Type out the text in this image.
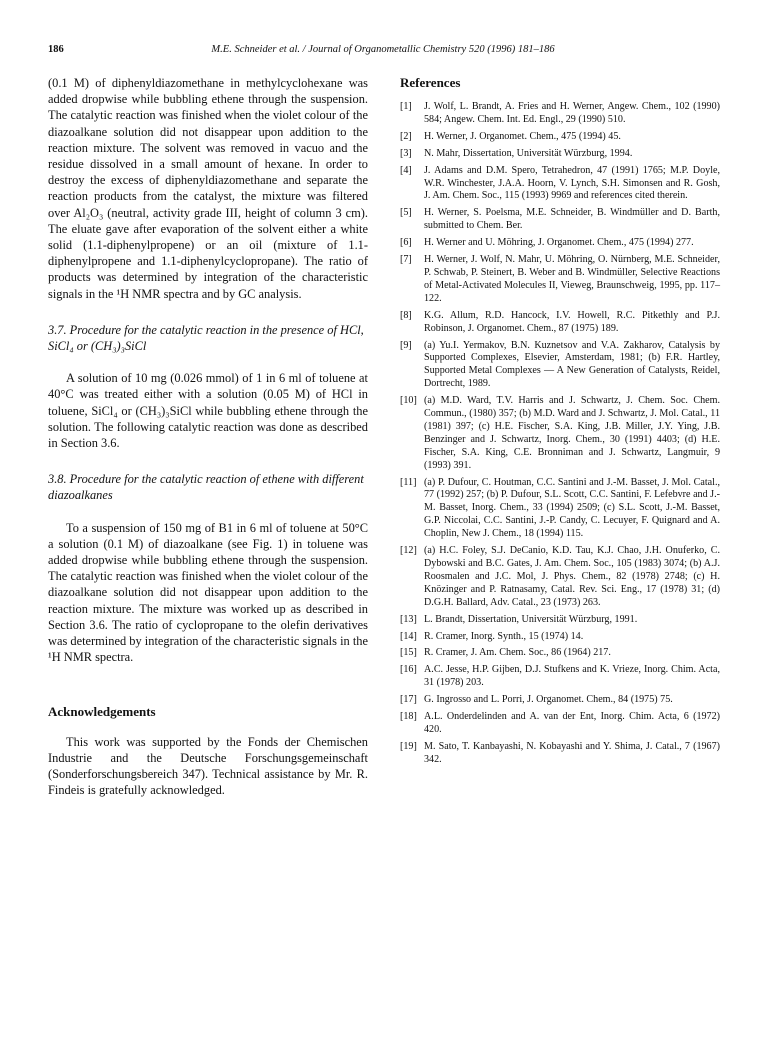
186	M.E. Schneider et al. / Journal of Organometallic Chemistry 520 (1996) 181–186

(0.1 M) of diphenyldiazomethane in methylcyclohexane was added dropwise while bubbling ethene through the suspension. The catalytic reaction was finished when the violet colour of the diazoalkane solution did not disappear upon addition to the reaction mixture. The solvent was removed in vacuo and the residue dissolved in a small amount of hexane. In order to destroy the excess of diphenyldiazomethane and separate the reaction products from the catalyst, the mixture was filtered over Al₂O₃ (neutral, activity grade III, height of column 3 cm). The eluate gave after evaporation of the solvent either a white solid (1.1-diphenylpropene) or an oil (mixture of 1.1-diphenylpropene and 1.1-diphenylcyclopropane). The ratio of products was determined by integration of the characteristic signals in the ¹H NMR spectra and by GC analysis.

3.7. Procedure for the catalytic reaction in the presence of HCl, SiCl₄ or (CH₃)₃SiCl

A solution of 10 mg (0.026 mmol) of 1 in 6 ml of toluene at 40°C was treated either with a solution (0.05 M) of HCl in toluene, SiCl₄ or (CH₃)₃SiCl while bubbling ethene through the solution. The following catalytic reaction was done as described in Section 3.6.

3.8. Procedure for the catalytic reaction of ethene with different diazoalkanes

To a suspension of 150 mg of B1 in 6 ml of toluene at 50°C a solution (0.1 M) of diazoalkane (see Fig. 1) in toluene was added dropwise while bubbling ethene through the suspension. The catalytic reaction was finished when the violet colour of the diazoalkane solution did not disappear upon addition to the reaction mixture. The mixture was worked up as described in Section 3.6. The ratio of cyclopropane to the olefin derivatives was determined by integration of the characteristic signals in the ¹H NMR spectra.

Acknowledgements

This work was supported by the Fonds der Chemischen Industrie and the Deutsche Forschungsgemeinschaft (Sonderforschungsbereich 347). Technical assistance by Mr. R. Findeis is gratefully acknowledged.

References
[1] J. Wolf, L. Brandt, A. Fries and H. Werner, Angew. Chem., 102 (1990) 584; Angew. Chem. Int. Ed. Engl., 29 (1990) 510.
[2] H. Werner, J. Organomet. Chem., 475 (1994) 45.
[3] N. Mahr, Dissertation, Universität Würzburg, 1994.
[4] J. Adams and D.M. Spero, Tetrahedron, 47 (1991) 1765; M.P. Doyle, W.R. Winchester, J.A.A. Hoorn, V. Lynch, S.H. Simonsen and R. Gosh, J. Am. Chem. Soc., 115 (1993) 9969 and references cited therein.
[5] H. Werner, S. Poelsma, M.E. Schneider, B. Windmüller and D. Barth, submitted to Chem. Ber.
[6] H. Werner and U. Möhring, J. Organomet. Chem., 475 (1994) 277.
[7] H. Werner, J. Wolf, N. Mahr, U. Möhring, O. Nürnberg, M.E. Schneider, P. Schwab, P. Steinert, B. Weber and B. Windmüller, Selective Reactions of Metal-Activated Molecules II, Vieweg, Braunschweig, 1995, pp. 117–122.
[8] K.G. Allum, R.D. Hancock, I.V. Howell, R.C. Pitkethly and P.J. Robinson, J. Organomet. Chem., 87 (1975) 189.
[9] (a) Yu.I. Yermakov, B.N. Kuznetsov and V.A. Zakharov, Catalysis by Supported Complexes, Elsevier, Amsterdam, 1981; (b) F.R. Hartley, Supported Metal Complexes — A New Generation of Catalysts, Reidel, Dortrecht, 1989.
[10] (a) M.D. Ward, T.V. Harris and J. Schwartz, J. Chem. Soc. Chem. Commun., (1980) 357; (b) M.D. Ward and J. Schwartz, J. Mol. Catal., 11 (1981) 397; (c) H.E. Fischer, S.A. King, J.B. Miller, J.Y. Ying, J.B. Benzinger and J. Schwartz, Inorg. Chem., 30 (1991) 4403; (d) H.E. Fischer, S.A. King, C.E. Bronniman and J. Schwartz, Langmuir, 9 (1993) 391.
[11] (a) P. Dufour, C. Houtman, C.C. Santini and J.-M. Basset, J. Mol. Catal., 77 (1992) 257; (b) P. Dufour, S.L. Scott, C.C. Santini, F. Lefebvre and J.-M. Basset, Inorg. Chem., 33 (1994) 2509; (c) S.L. Scott, J.-M. Basset, G.P. Niccolai, C.C. Santini, J.-P. Candy, C. Lecuyer, F. Quignard and A. Choplin, New J. Chem., 18 (1994) 115.
[12] (a) H.C. Foley, S.J. DeCanio, K.D. Tau, K.J. Chao, J.H. Onuferko, C. Dybowski and B.C. Gates, J. Am. Chem. Soc., 105 (1983) 3074; (b) A.J. Roosmalen and J.C. Mol, J. Phys. Chem., 82 (1978) 2748; (c) H. Knözinger and P. Ratnasamy, Catal. Rev. Sci. Eng., 17 (1978) 31; (d) D.G.H. Ballard, Adv. Catal., 23 (1973) 263.
[13] L. Brandt, Dissertation, Universität Würzburg, 1991.
[14] R. Cramer, Inorg. Synth., 15 (1974) 14.
[15] R. Cramer, J. Am. Chem. Soc., 86 (1964) 217.
[16] A.C. Jesse, H.P. Gijben, D.J. Stufkens and K. Vrieze, Inorg. Chim. Acta, 31 (1978) 203.
[17] G. Ingrosso and L. Porri, J. Organomet. Chem., 84 (1975) 75.
[18] A.L. Onderdelinden and A. van der Ent, Inorg. Chim. Acta, 6 (1972) 420.
[19] M. Sato, T. Kanbayashi, N. Kobayashi and Y. Shima, J. Catal., 7 (1967) 342.
